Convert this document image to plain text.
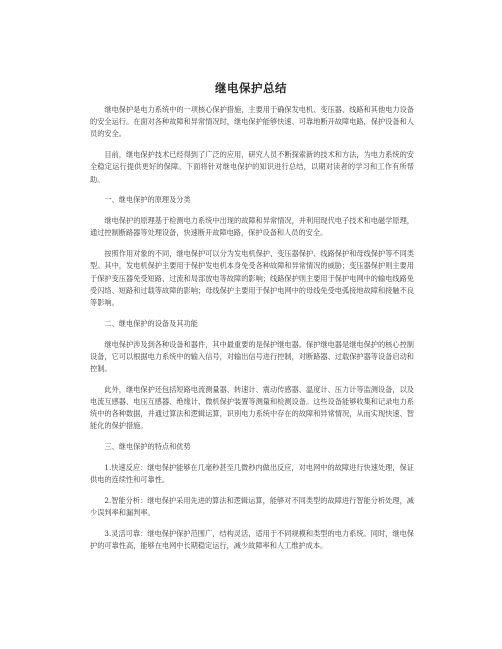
继电保护总结

继电保护是电力系统中的一项核心保护措施，主要用于确保发电机、变压器、线路和其他电力设备的安全运行。在面对各种故障和异常情况时，继电保护能够快速、可靠地断开故障电路，保护设备和人员的安全。

目前，继电保护技术已经得到了广泛的应用，研究人员不断探索新的技术和方法，为电力系统的安全稳定运行提供更好的保障。下面将针对继电保护的知识进行总结，以期对读者的学习和工作有所帮助。

一、继电保护的原理及分类

继电保护的原理基于检测电力系统中出现的故障和异常情况，并利用现代电子技术和电磁学原理，通过控制断路器等处理设备，快速断开故障电路，保护设备和人员的安全。

按照作用对象的不同，继电保护可以分为发电机保护、变压器保护、线路保护和母线保护等不同类型。其中，发电机保护主要用于保护发电机本身免受各种故障和异常情况的威胁；变压器保护则主要用于保护变压器免受短路、过流和局部放电等故障的影响；线路保护则主要用于保护电网中的输电线路免受闪络、短路和过载等故障的影响；母线保护主要用于保护电网中的母线免受电弧接地故障和接触不良等影响。

二、继电保护的设备及其功能

继电保护涉及到各种设备和器件，其中最重要的是保护继电器。保护继电器是继电保护的核心控制设备，它可以根据电力系统中的输入信号，对输出信号进行控制，对断路器、过载保护器等设备启动和控制。

此外，继电保护还包括短路电流测量器、转速计、震动传感器、温度计、压力计等监测设备，以及电流互感器、电压互感器、绝缘计、微机保护装置等测量和检测设备。这些设备能够收集和记录电力系统中的各种数据，并通过算法和逻辑运算，识别电力系统中存在的故障和异常情况，从而实现快速、智能化的保护措施。

三、继电保护的特点和优势

1.快速反应：继电保护能够在几毫秒甚至几微秒内做出反应，对电网中的故障进行快速处理，保证供电的连续性和可靠性。

2.智能分析：继电保护采用先进的算法和逻辑运算，能够对不同类型的故障进行智能分析处理，减少误判率和漏判率。

3.灵活可靠：继电保护保护范围广，结构灵活，适用于不同规模和类型的电力系统。同时，继电保护的可靠性高，能够在电网中长期稳定运行，减少故障率和人工维护成本。
